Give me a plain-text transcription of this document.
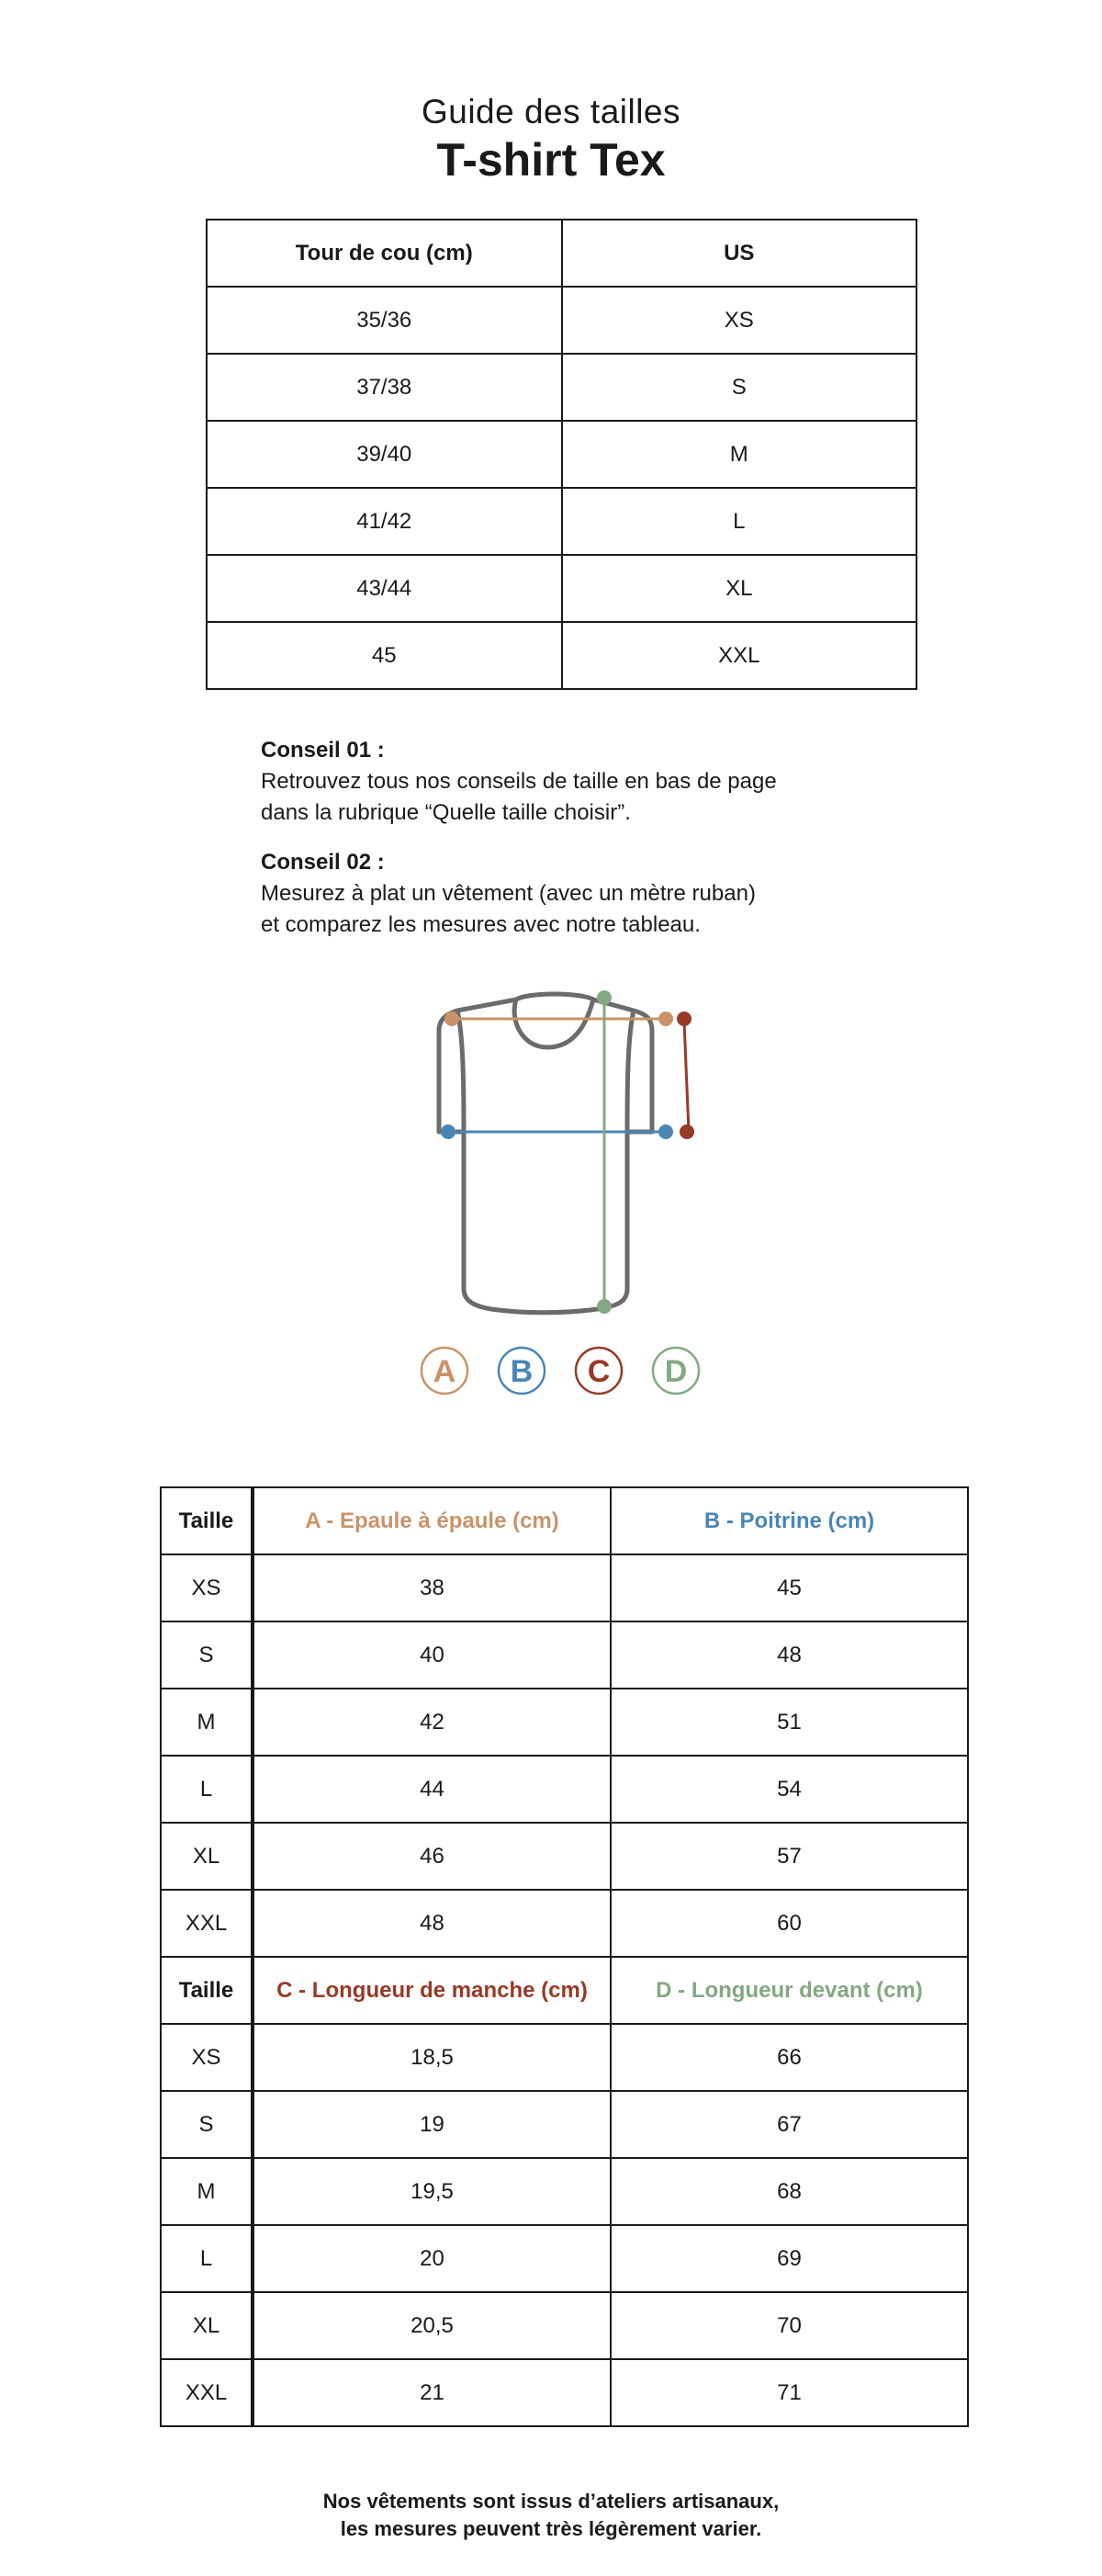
Guide des tailles
T-shirt Tex
Tour de cou (cm)	US
35/36	XS
37/38	S
39/40	M
41/42	L
43/44	XL
45	XXL
Conseil 01 :
Retrouvez tous nos conseils de taille en bas de page
dans la rubrique “Quelle taille choisir”.
Conseil 02 :
Mesurez à plat un vêtement (avec un mètre ruban)
et comparez les mesures avec notre tableau.
A B C D
Taille	A - Epaule à épaule (cm)	B - Poitrine (cm)
XS	38	45
S	40	48
M	42	51
L	44	54
XL	46	57
XXL	48	60
Taille	C - Longueur de manche (cm)	D - Longueur devant (cm)
XS	18,5	66
S	19	67
M	19,5	68
L	20	69
XL	20,5	70
XXL	21	71
Nos vêtements sont issus d’ateliers artisanaux,
les mesures peuvent très légèrement varier.
